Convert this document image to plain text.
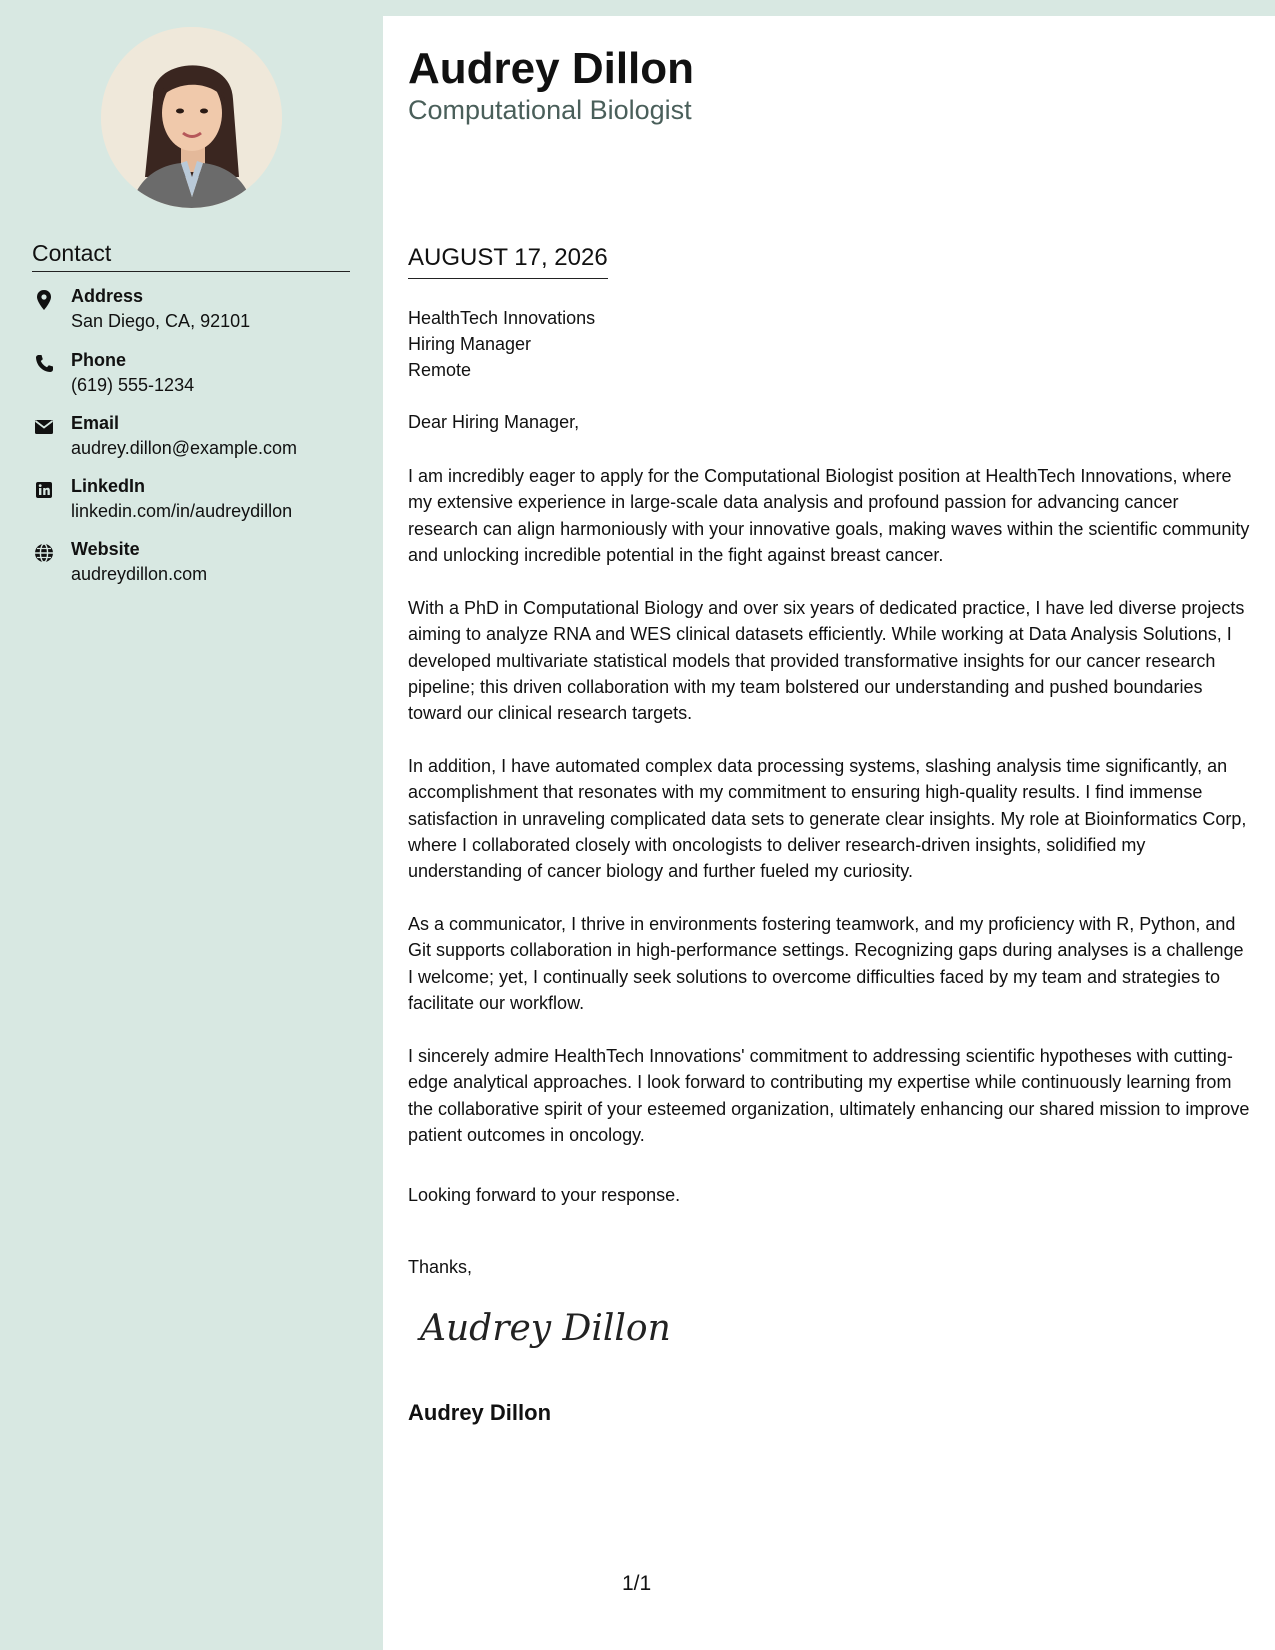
Contact
Address
San Diego, CA, 92101
Phone
(619) 555-1234
Email
audrey.dillon@example.com
LinkedIn
linkedin.com/in/audreydillon
Website
audreydillon.com
Audrey Dillon
Computational Biologist
AUGUST 17, 2026
HealthTech Innovations
Hiring Manager
Remote
Dear Hiring Manager,
I am incredibly eager to apply for the Computational Biologist position at HealthTech Innovations, where my extensive experience in large-scale data analysis and profound passion for advancing cancer research can align harmoniously with your innovative goals, making waves within the scientific community and unlocking incredible potential in the fight against breast cancer.
With a PhD in Computational Biology and over six years of dedicated practice, I have led diverse projects aiming to analyze RNA and WES clinical datasets efficiently. While working at Data Analysis Solutions, I developed multivariate statistical models that provided transformative insights for our cancer research pipeline; this driven collaboration with my team bolstered our understanding and pushed boundaries toward our clinical research targets.
In addition, I have automated complex data processing systems, slashing analysis time significantly, an accomplishment that resonates with my commitment to ensuring high-quality results. I find immense satisfaction in unraveling complicated data sets to generate clear insights. My role at Bioinformatics Corp, where I collaborated closely with oncologists to deliver research-driven insights, solidified my understanding of cancer biology and further fueled my curiosity.
As a communicator, I thrive in environments fostering teamwork, and my proficiency with R, Python, and Git supports collaboration in high-performance settings. Recognizing gaps during analyses is a challenge I welcome; yet, I continually seek solutions to overcome difficulties faced by my team and strategies to facilitate our workflow.
I sincerely admire HealthTech Innovations' commitment to addressing scientific hypotheses with cutting-edge analytical approaches. I look forward to contributing my expertise while continuously learning from the collaborative spirit of your esteemed organization, ultimately enhancing our shared mission to improve patient outcomes in oncology.
Looking forward to your response.
Thanks,
Audrey Dillon
Audrey Dillon
1/1
